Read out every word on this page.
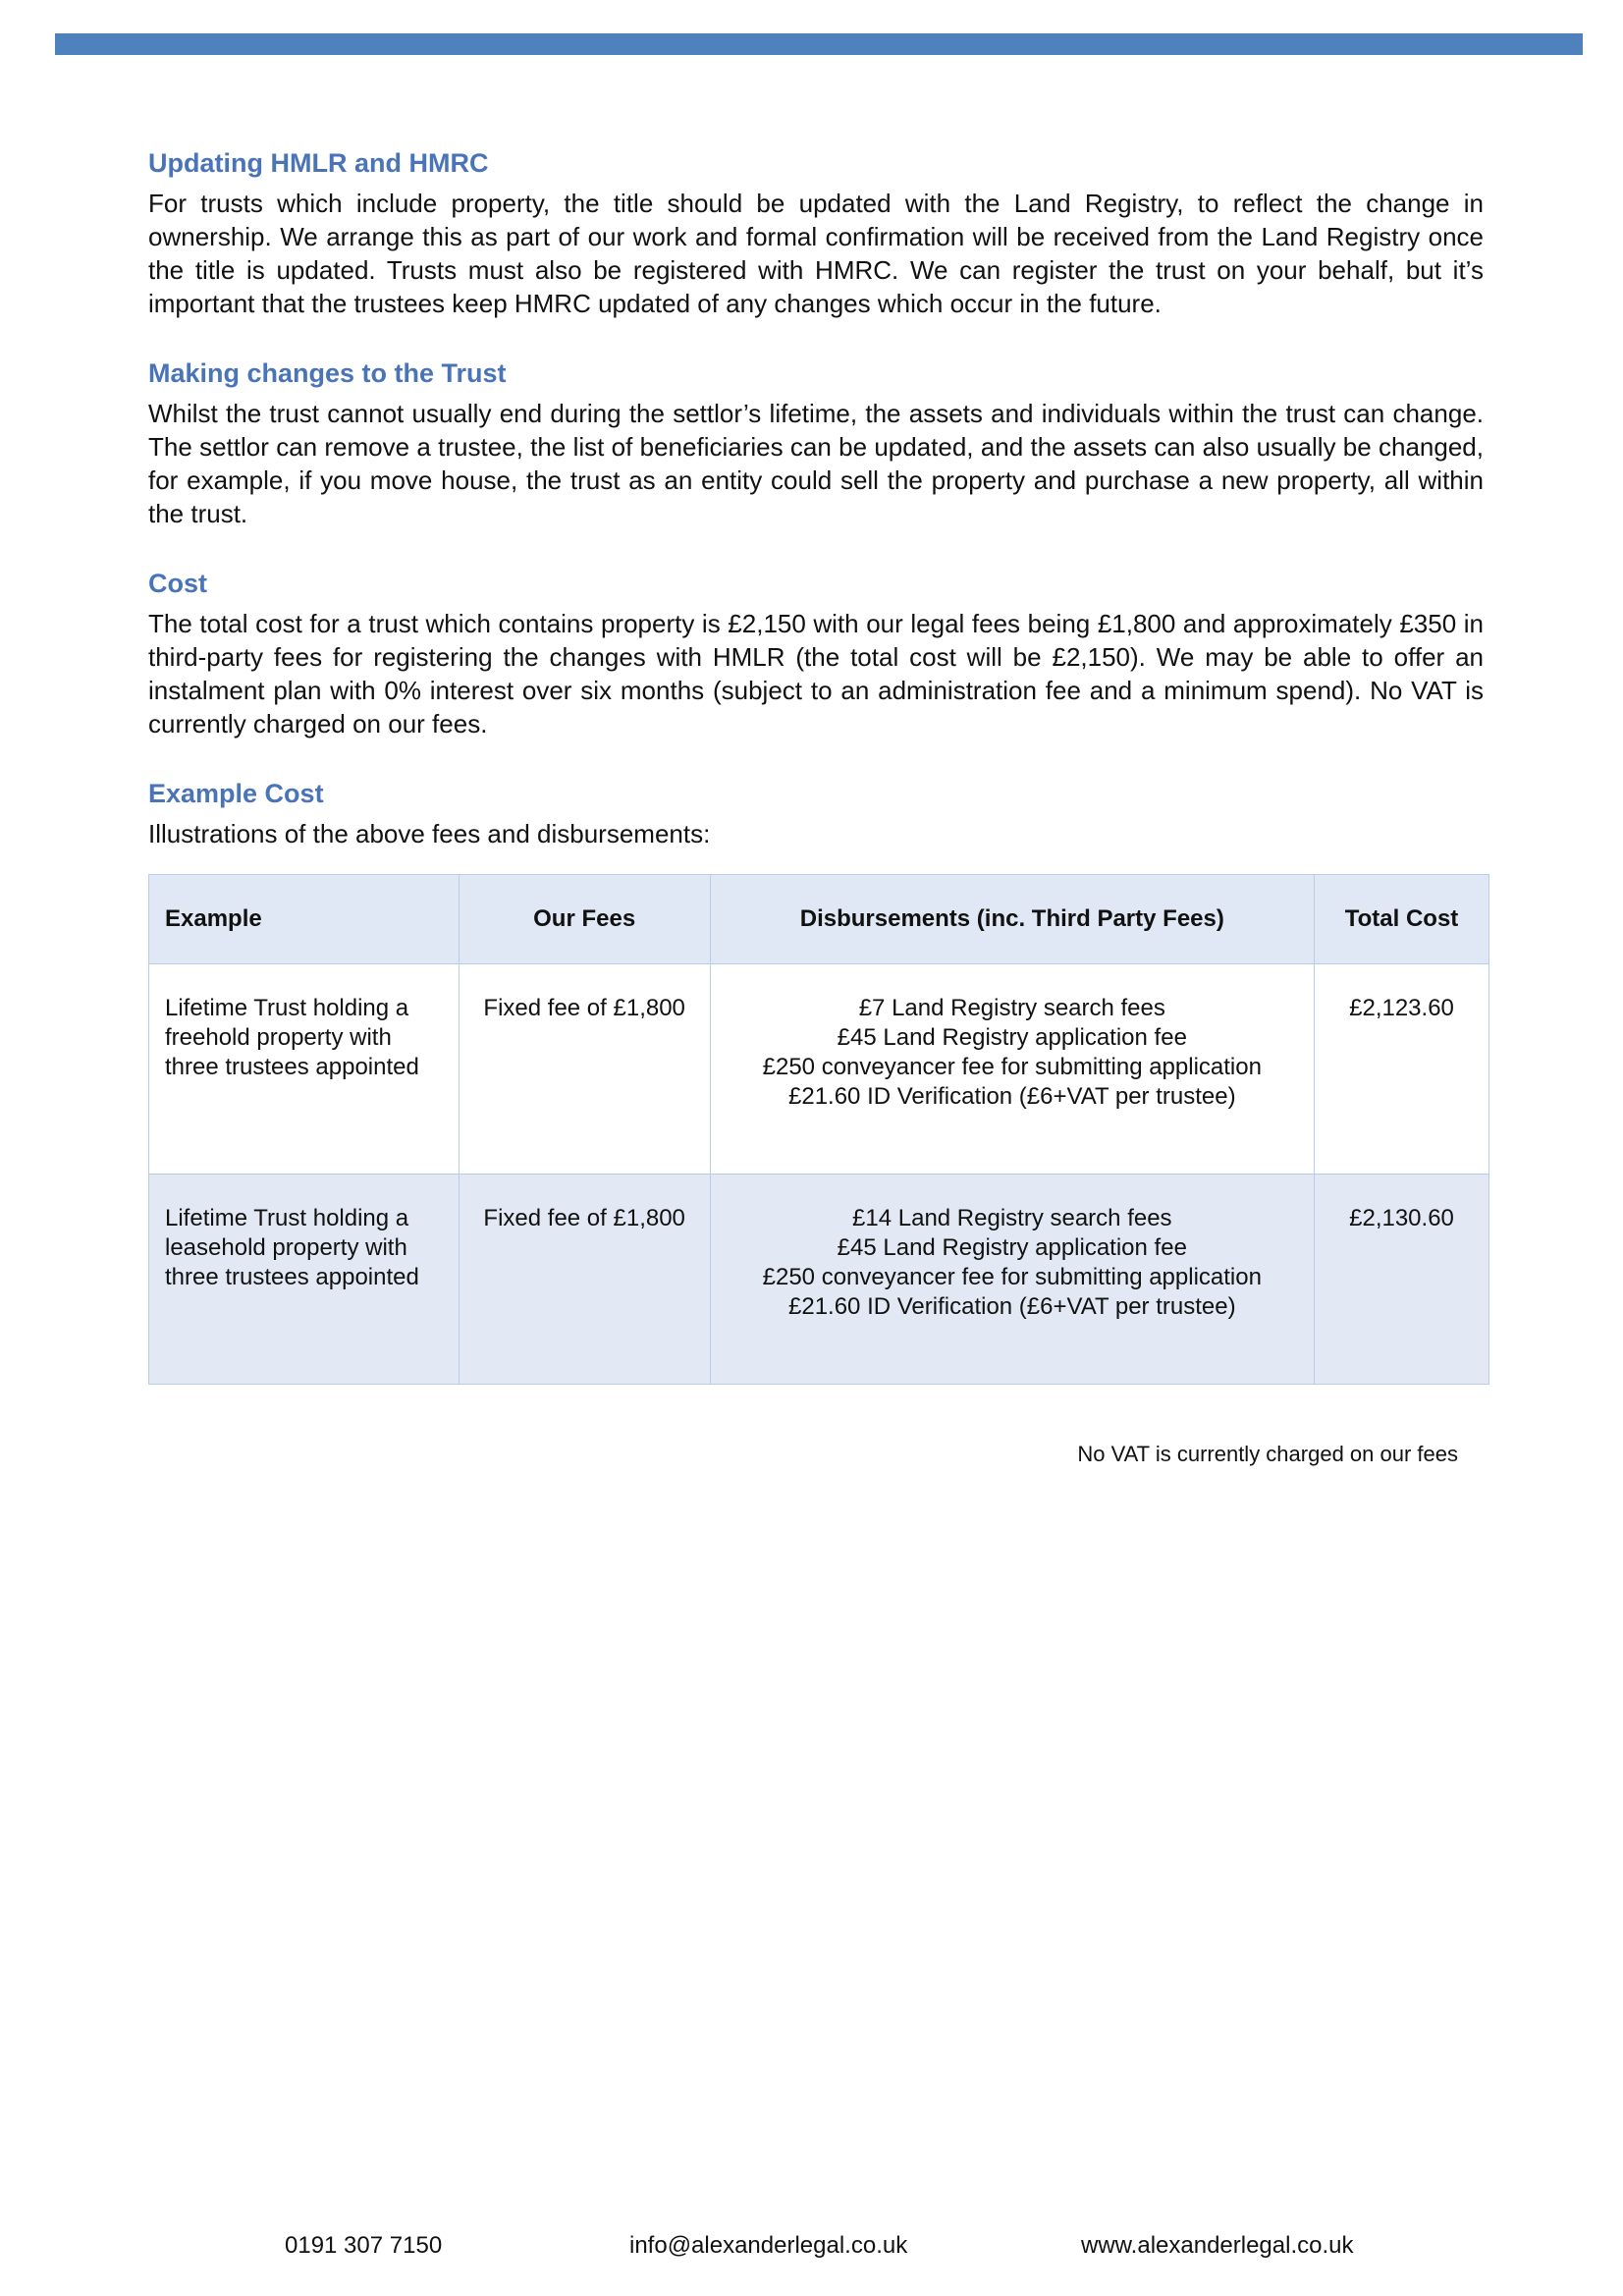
Updating HMLR and HMRC

For trusts which include property, the title should be updated with the Land Registry, to reflect the change in ownership. We arrange this as part of our work and formal confirmation will be received from the Land Registry once the title is updated. Trusts must also be registered with HMRC. We can register the trust on your behalf, but it’s important that the trustees keep HMRC updated of any changes which occur in the future.

Making changes to the Trust

Whilst the trust cannot usually end during the settlor’s lifetime, the assets and individuals within the trust can change. The settlor can remove a trustee, the list of beneficiaries can be updated, and the assets can also usually be changed, for example, if you move house, the trust as an entity could sell the property and purchase a new property, all within the trust.

Cost

The total cost for a trust which contains property is £2,150 with our legal fees being £1,800 and approximately £350 in third-party fees for registering the changes with HMLR (the total cost will be £2,150). We may be able to offer an instalment plan with 0% interest over six months (subject to an administration fee and a minimum spend). No VAT is currently charged on our fees.

Example Cost

Illustrations of the above fees and disbursements:

Example	Our Fees	Disbursements (inc. Third Party Fees)	Total Cost
Lifetime Trust holding a freehold property with three trustees appointed	Fixed fee of £1,800	£7 Land Registry search fees
£45 Land Registry application fee
£250 conveyancer fee for submitting application
£21.60 ID Verification (£6+VAT per trustee)	£2,123.60
Lifetime Trust holding a leasehold property with three trustees appointed	Fixed fee of £1,800	£14 Land Registry search fees
£45 Land Registry application fee
£250 conveyancer fee for submitting application
£21.60 ID Verification (£6+VAT per trustee)	£2,130.60
No VAT is currently charged on our fees
0191 307 7150	info@alexanderlegal.co.uk	www.alexanderlegal.co.uk
